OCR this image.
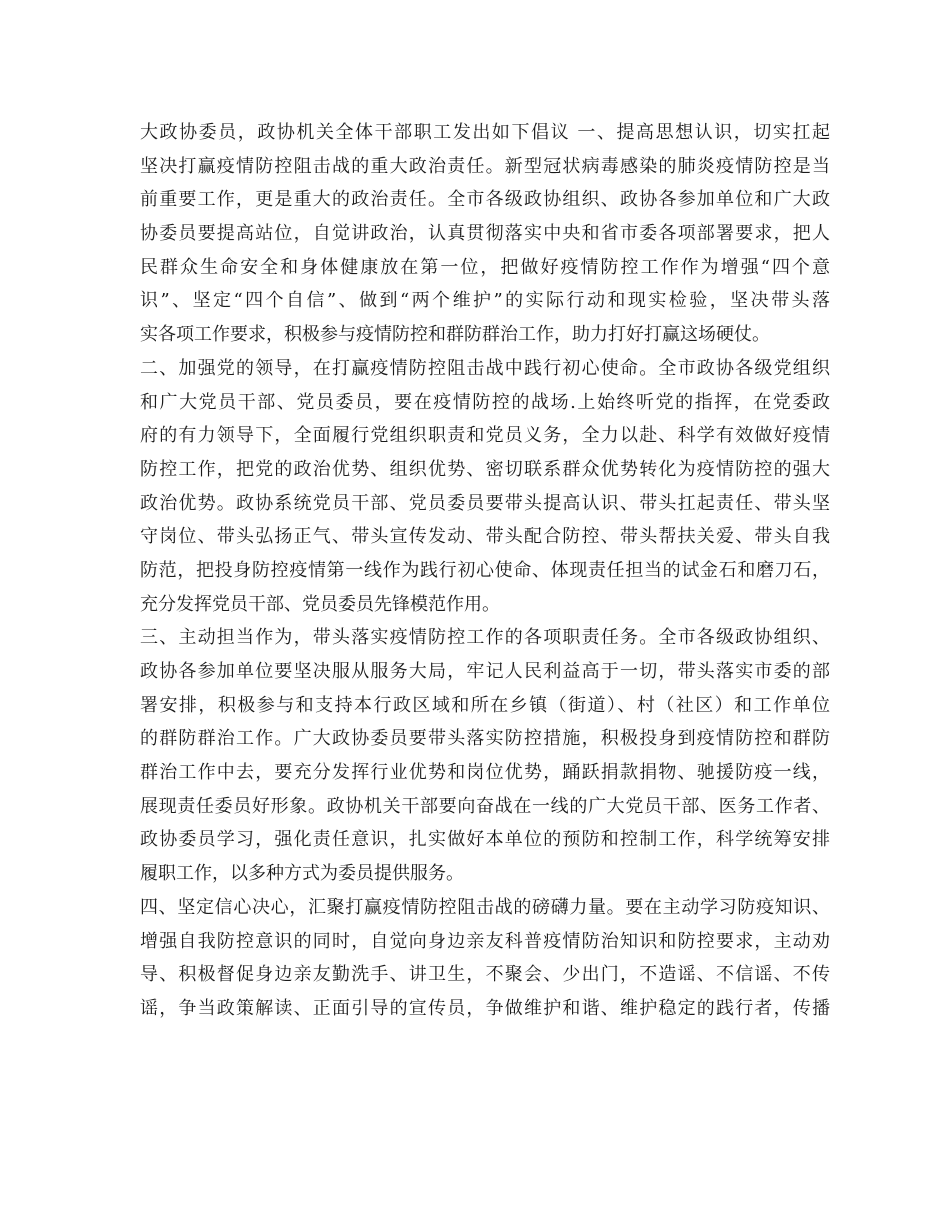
大政协委员，政协机关全体干部职工发出如下倡议 一、提高思想认识，切实扛起
坚决打赢疫情防控阻击战的重大政治责任。新型冠状病毒感染的肺炎疫情防控是当
前重要工作，更是重大的政治责任。全市各级政协组织、政协各参加单位和广大政
协委员要提高站位，自觉讲政治，认真贯彻落实中央和省市委各项部署要求，把人
民群众生命安全和身体健康放在第一位，把做好疫情防控工作作为增强“四个意
识”、坚定“四个自信”、做到“两个维护”的实际行动和现实检验，坚决带头落
实各项工作要求，积极参与疫情防控和群防群治工作，助力打好打赢这场硬仗。
二、加强党的领导，在打赢疫情防控阻击战中践行初心使命。全市政协各级党组织
和广大党员干部、党员委员，要在疫情防控的战场.上始终听党的指挥，在党委政
府的有力领导下，全面履行党组织职责和党员义务，全力以赴、科学有效做好疫情
防控工作，把党的政治优势、组织优势、密切联系群众优势转化为疫情防控的强大
政治优势。政协系统党员干部、党员委员要带头提高认识、带头扛起责任、带头坚
守岗位、带头弘扬正气、带头宣传发动、带头配合防控、带头帮扶关爱、带头自我
防范，把投身防控疫情第一线作为践行初心使命、体现责任担当的试金石和磨刀石，
充分发挥党员干部、党员委员先锋模范作用。
三、主动担当作为，带头落实疫情防控工作的各项职责任务。全市各级政协组织、
政协各参加单位要坚决服从服务大局，牢记人民利益高于一切，带头落实市委的部
署安排，积极参与和支持本行政区域和所在乡镇（街道）、村（社区）和工作单位
的群防群治工作。广大政协委员要带头落实防控措施，积极投身到疫情防控和群防
群治工作中去，要充分发挥行业优势和岗位优势，踊跃捐款捐物、驰援防疫一线，
展现责任委员好形象。政协机关干部要向奋战在一线的广大党员干部、医务工作者、
政协委员学习，强化责任意识，扎实做好本单位的预防和控制工作，科学统筹安排
履职工作，以多种方式为委员提供服务。
四、坚定信心决心，汇聚打赢疫情防控阻击战的磅礴力量。要在主动学习防疫知识、
增强自我防控意识的同时，自觉向身边亲友科普疫情防治知识和防控要求，主动劝
导、积极督促身边亲友勤洗手、讲卫生，不聚会、少出门，不造谣、不信谣、不传
谣，争当政策解读、正面引导的宣传员，争做维护和谐、维护稳定的践行者，传播
